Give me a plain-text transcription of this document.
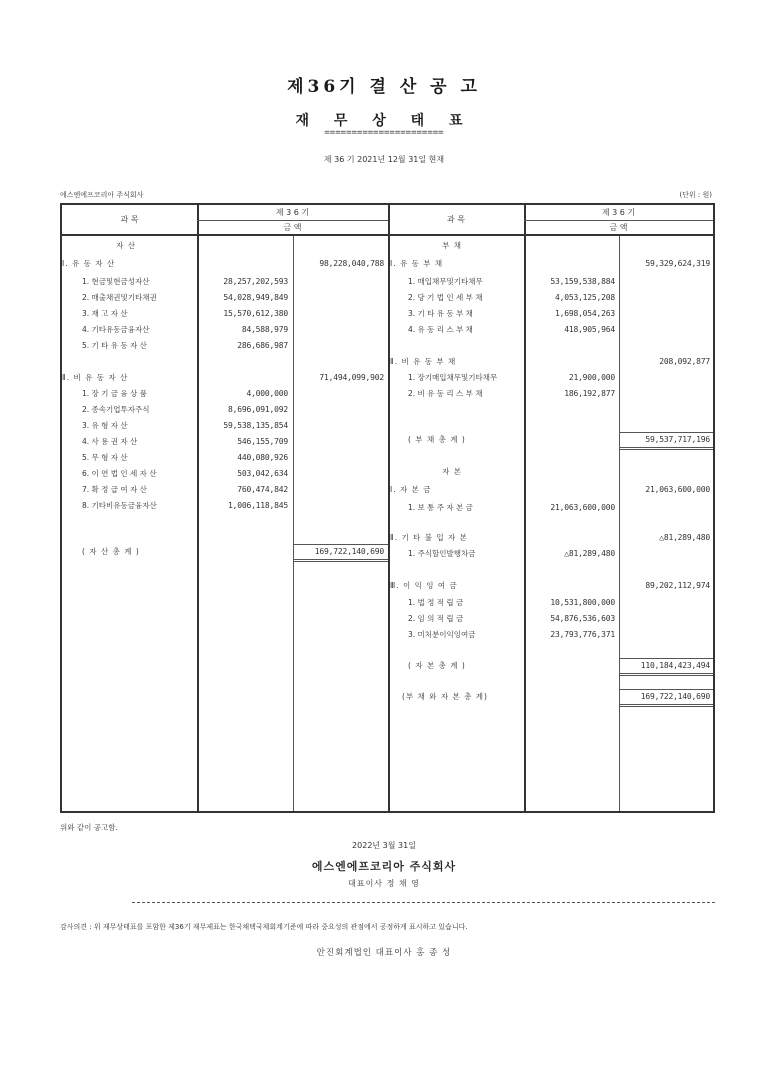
제36기 결 산 공 고
재 무 상 태 표
======================
제 36 기 2021년 12월 31일 현재
에스엔에프코리아 주식회사	(단위 : 원)
과 목
제 3 6 기
금 액
과 목
제 3 6 기
금 액
자 산
Ⅰ. 유 동 자 산	98,228,040,788
1. 현금및현금성자산	28,257,202,593
2. 매출채권및기타채권	54,028,949,849
3. 재 고 자 산	15,570,612,380
4. 기타유동금융자산	84,588,979
5. 기 타 유 동 자 산	286,686,987
Ⅱ. 비 유 동 자 산	71,494,099,902
1. 장 기 금 융 상 품	4,000,000
2. 종속기업투자주식	8,696,091,092
3. 유 형 자 산	59,538,135,854
4. 사 용 권 자 산	546,155,709
5. 무 형 자 산	440,080,926
6. 이 연 법 인 세 자 산	503,042,634
7. 확 정 급 여 자 산	760,474,842
8. 기타비유동금융자산	1,006,118,845
( 자 산 총 계 )	169,722,140,690
부 채
Ⅰ. 유 동 부 채	59,329,624,319
1. 매입채무및기타채무	53,159,538,884
2. 당 기 법 인 세 부 채	4,053,125,208
3. 기 타 유 동 부 채	1,698,054,263
4. 유 동 리 스 부 채	418,905,964
Ⅱ. 비 유 동 부 채	208,092,877
1. 장기매입채무및기타채무	21,900,000
2. 비 유 동 리 스 부 채	186,192,877
( 부 채 총 계 )	59,537,717,196
자 본
Ⅰ. 자 본 금	21,063,600,000
1. 보 통 주 자 본 금	21,063,600,000
Ⅱ. 기 타 불 입 자 본	△81,289,480
1. 주식할인발행차금	△81,289,480
Ⅲ. 이 익 잉 여 금	89,202,112,974
1. 법 정 적 립 금	10,531,800,000
2. 임 의 적 립 금	54,876,536,603
3. 미처분이익잉여금	23,793,776,371
( 자 본 총 계 )	110,184,423,494
(부 채 와 자 본 총 계)	169,722,140,690
위와 같이 공고함.
2022년 3월 31일
에스엔에프코리아 주식회사
대표이사 정 채 영
감사의견 : 위 재무상태표를 포함한 제36기 재무제표는 한국채택국제회계기준에 따라 중요성의 관점에서 공정하게 표시하고 있습니다.
안진회계법인 대표이사 홍 종 성
